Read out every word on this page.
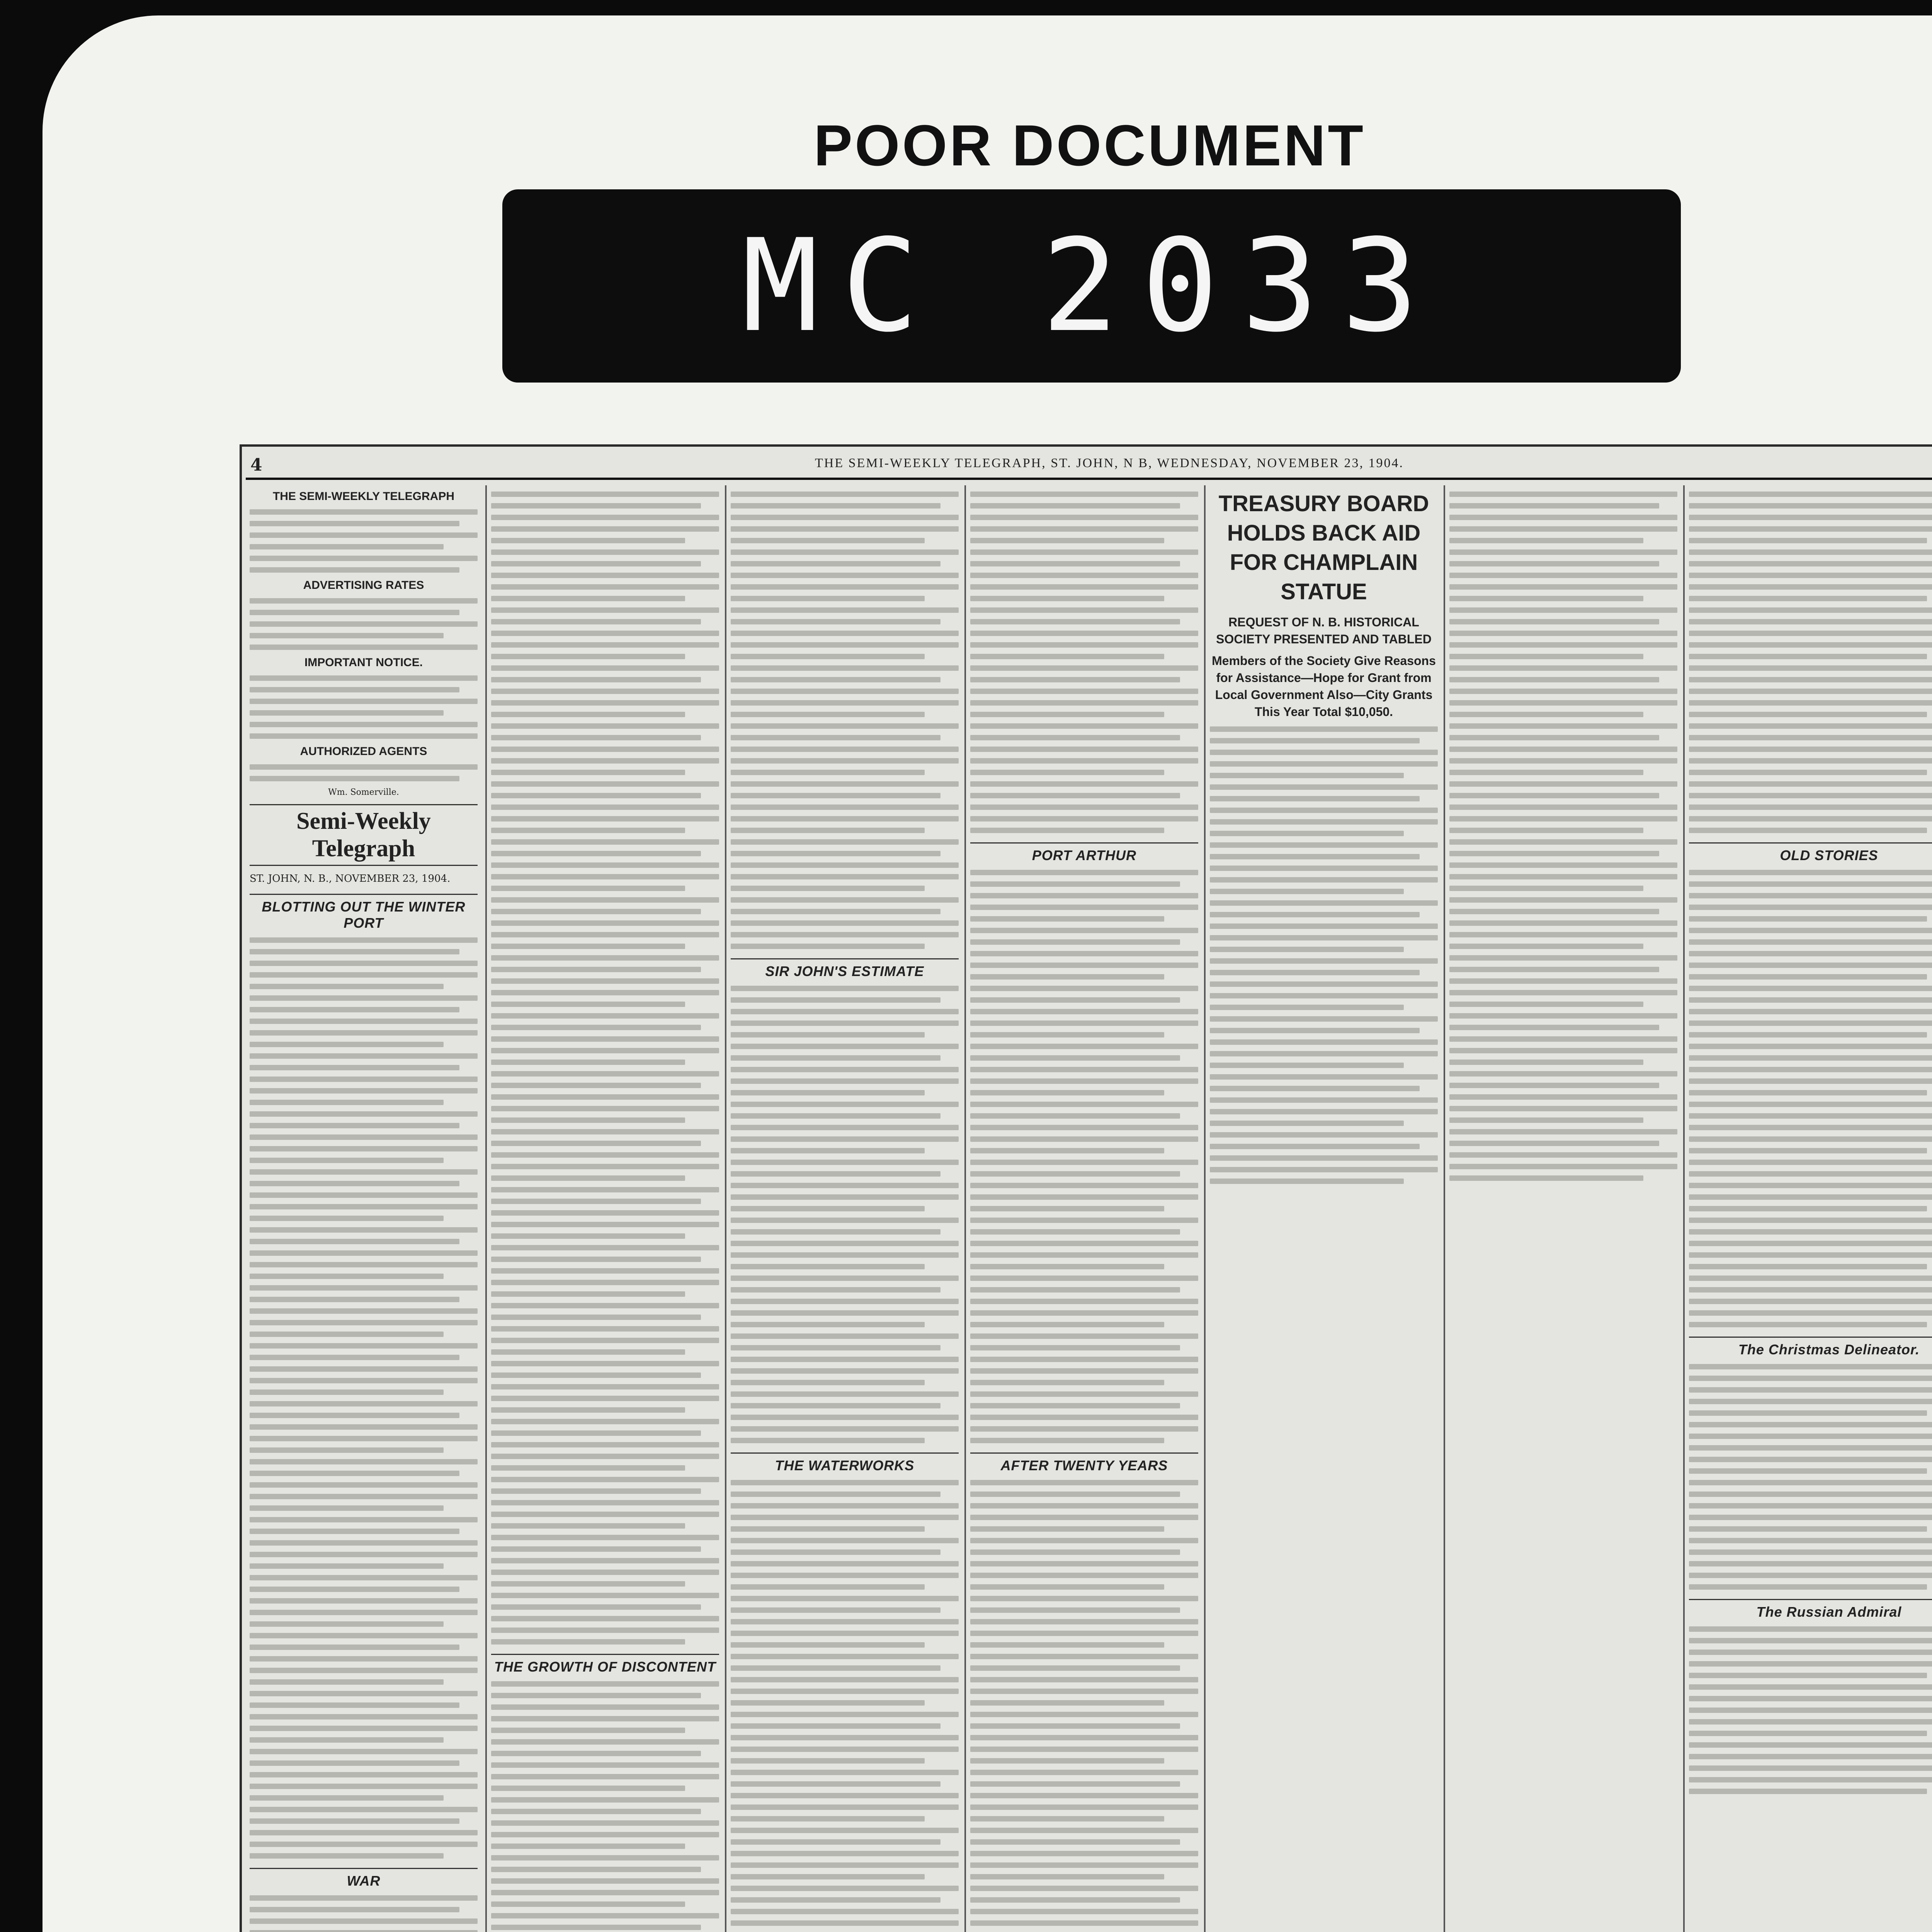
POOR DOCUMENT
MC 2033
4	THE SEMI-WEEKLY TELEGRAPH, ST. JOHN, N B, WEDNESDAY, NOVEMBER 23, 1904.
THE SEMI-WEEKLY TELEGRAPH
ADVERTISING RATES
IMPORTANT NOTICE.
AUTHORIZED AGENTS
Wm. Somerville.
Semi-Weekly Telegraph
ST. JOHN, N. B., NOVEMBER 23, 1904.
BLOTTING OUT THE WINTER PORT
WAR
THE GROWTH OF DISCONTENT
SIR JOHN'S ESTIMATE
THE WATERWORKS
PORT ARTHUR
AFTER TWENTY YEARS
TREASURY BOARD HOLDS BACK AID FOR CHAMPLAIN STATUE
REQUEST OF N. B. HISTORICAL SOCIETY PRESENTED AND TABLED
Members of the Society Give Reasons for Assistance—Hope for Grant from Local Government Also—City Grants This Year Total $10,050.

OLD STORIES
The Christmas Delineator.
The Russian Admiral
